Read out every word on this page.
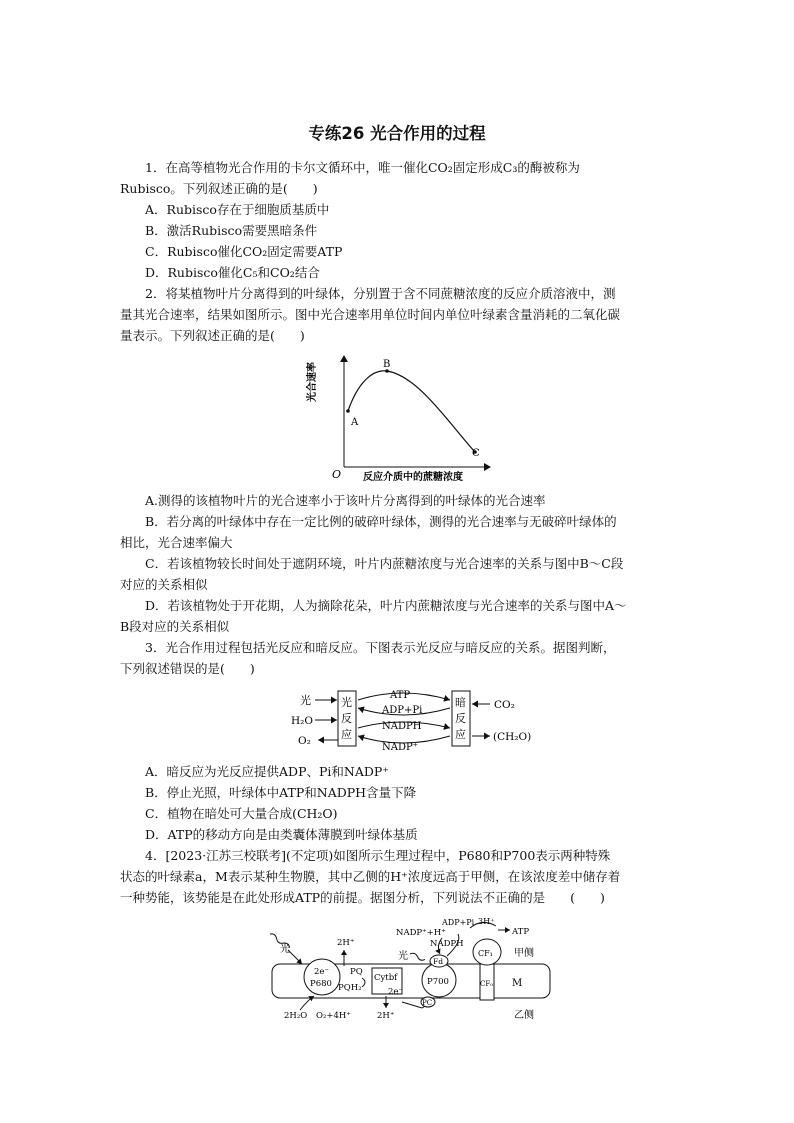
专练26 光合作用的过程
1．在高等植物光合作用的卡尔文循环中，唯一催化CO₂固定形成C₃的酶被称为
Rubisco。下列叙述正确的是(　　)
A．Rubisco存在于细胞质基质中
B．激活Rubisco需要黑暗条件
C．Rubisco催化CO₂固定需要ATP
D．Rubisco催化C₅和CO₂结合
2．将某植物叶片分离得到的叶绿体，分别置于含不同蔗糖浓度的反应介质溶液中，测
量其光合速率，结果如图所示。图中光合速率用单位时间内单位叶绿素含量消耗的二氧化碳
量表示。下列叙述正确的是(　　)
光合速率
O 反应介质中的蔗糖浓度
A
B
C
A.测得的该植物叶片的光合速率小于该叶片分离得到的叶绿体的光合速率
B．若分离的叶绿体中存在一定比例的破碎叶绿体，测得的光合速率与无破碎叶绿体的
相比，光合速率偏大
C．若该植物较长时间处于遮阴环境，叶片内蔗糖浓度与光合速率的关系与图中B～C段
对应的关系相似
D．若该植物处于开花期，人为摘除花朵，叶片内蔗糖浓度与光合速率的关系与图中A～
B段对应的关系相似
3．光合作用过程包括光反应和暗反应。下图表示光反应与暗反应的关系。据图判断，
下列叙述错误的是(　　)
光
H₂O
O₂
光
反
应
ATP
ADP+Pi
NADPH
NADP⁺
暗
反
应
CO₂
(CH₂O)
A．暗反应为光反应提供ADP、Pi和NADP⁺
B．停止光照，叶绿体中ATP和NADPH含量下降
C．植物在暗处可大量合成(CH₂O)
D．ATP的移动方向是由类囊体薄膜到叶绿体基质
4．[2023·江苏三校联考](不定项)如图所示生理过程中，P680和P700表示两种特殊
状态的叶绿素a，M表示某种生物膜，其中乙侧的H⁺浓度远高于甲侧，在该浓度差中储存着
一种势能，该势能是在此处形成ATP的前提。据图分析，下列说法不正确的是　　(　　)
光
2e⁻
P680
2H⁺
PQ
PQH₂
2H₂O O₂+4H⁺
Cytbf
2e⁻
2H⁺
Fd
P700
PC
光
NADP⁺+H⁺
NADPH
CF₀
CF₁
ADP+Pi 3H⁺
ATP
甲侧
M
乙侧
